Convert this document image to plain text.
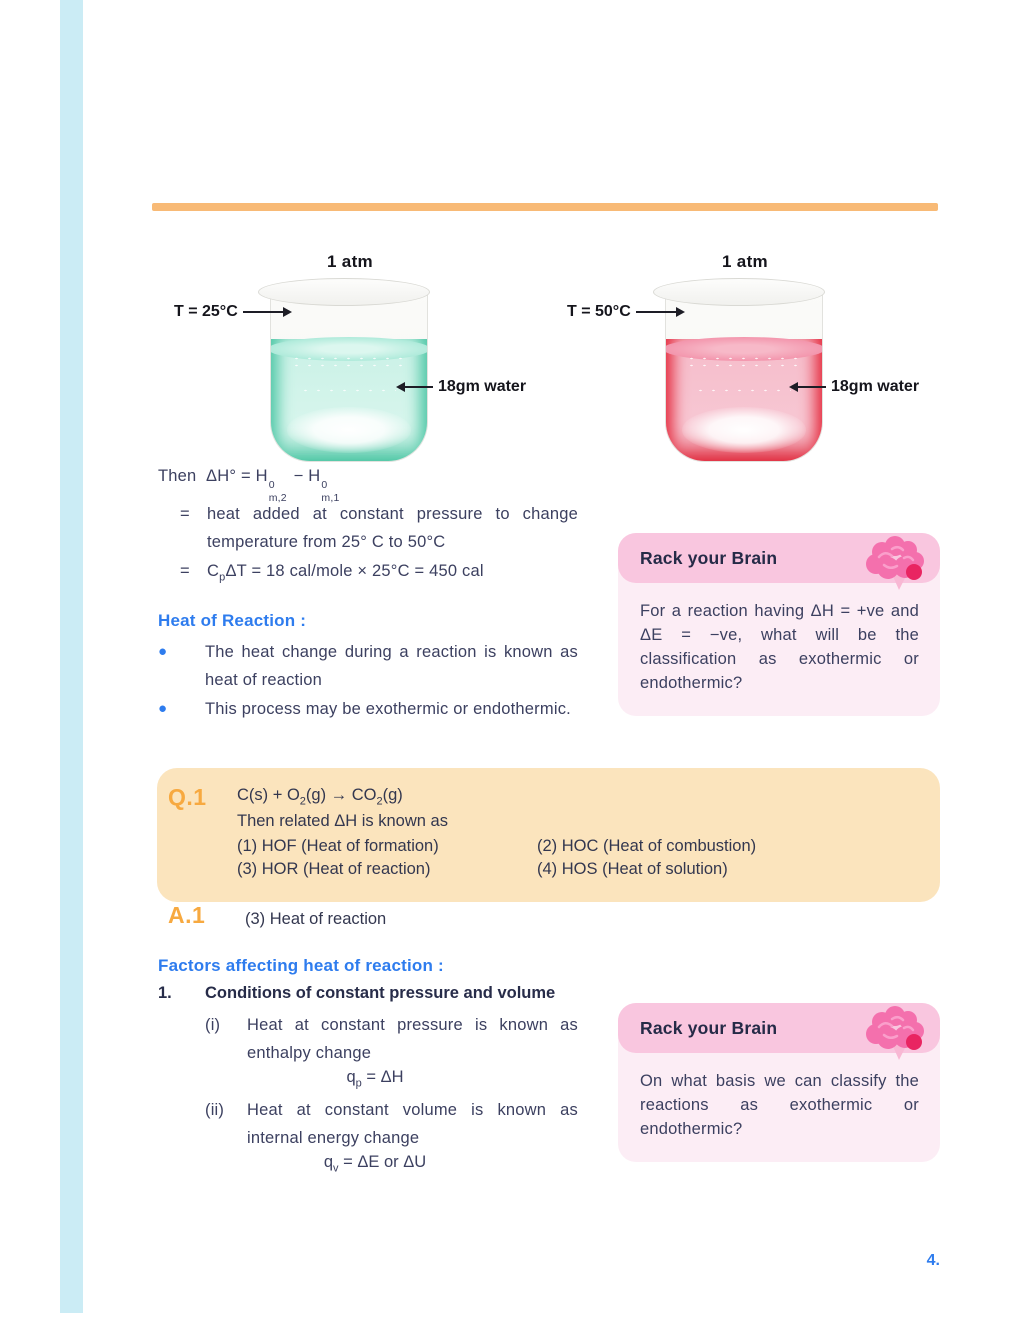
1 atm
T = 25°C
18gm water
1 atm
T = 50°C
18gm water
Then ΔH° = H 0
m,2
− H 0
m,1
=	heat added at constant pressure to change temperature from 25° C to 50°C
=	$C_p\Delta T = 18$ cal/mole × 25°C = 450 cal
Heat of Reaction :
●	The heat change during a reaction is known as heat of reaction
●	This process may be exothermic or endothermic.
Rack your Brain
For a reaction having ΔH = +ve and ΔE = −ve, what will be the classification as exothermic or endothermic?
Q.1	$C(s) + O_2(g) \to CO_2(g)$
Then related ΔH is known as
(1) HOF (Heat of formation)	(2) HOC (Heat of combustion)
(3) HOR (Heat of reaction)	(4) HOS (Heat of solution)
A.1	(3) Heat of reaction
Factors affecting heat of reaction :
1.	Conditions of constant pressure and volume
(i)	Heat at constant pressure is known as enthalpy change
$q_p = \Delta H$
(ii)	Heat at constant volume is known as internal energy change
$q_v = \Delta E$ or ΔU
Rack your Brain
On what basis we can classify the reactions as exothermic or endothermic?
4.
